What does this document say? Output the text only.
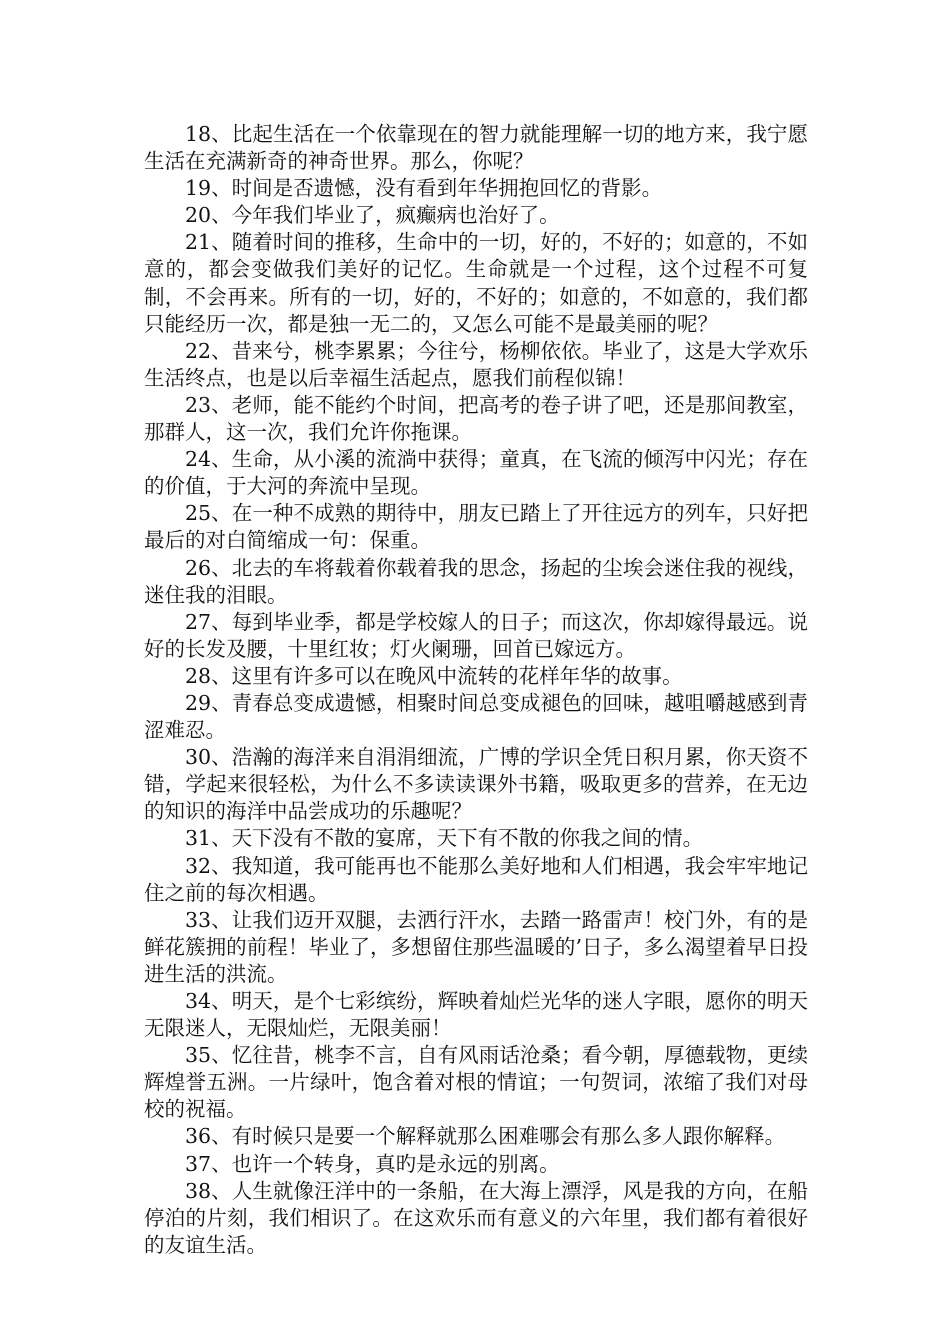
18、比起生活在一个依靠现在的智力就能理解一切的地方来，我宁愿生活在充满新奇的神奇世界。那么，你呢？

19、时间是否遗憾，没有看到年华拥抱回忆的背影。

20、今年我们毕业了，疯癫病也治好了。

21、随着时间的推移，生命中的一切，好的，不好的；如意的，不如意的，都会变做我们美好的记忆。生命就是一个过程，这个过程不可复制，不会再来。所有的一切，好的，不好的；如意的，不如意的，我们都只能经历一次，都是独一无二的，又怎么可能不是最美丽的呢？

22、昔来兮，桃李累累；今往兮，杨柳依依。毕业了，这是大学欢乐生活终点，也是以后幸福生活起点，愿我们前程似锦！

23、老师，能不能约个时间，把高考的卷子讲了吧，还是那间教室，那群人，这一次，我们允许你拖课。

24、生命，从小溪的流淌中获得；童真，在飞流的倾泻中闪光；存在的价值，于大河的奔流中呈现。

25、在一种不成熟的期待中，朋友已踏上了开往远方的列车，只好把最后的对白简缩成一句：保重。

26、北去的车将载着你载着我的思念，扬起的尘埃会迷住我的视线，迷住我的泪眼。

27、每到毕业季，都是学校嫁人的日子；而这次，你却嫁得最远。说好的长发及腰，十里红妆；灯火阑珊，回首已嫁远方。

28、这里有许多可以在晚风中流转的花样年华的故事。

29、青春总变成遗憾，相聚时间总变成褪色的回味，越咀嚼越感到青涩难忍。

30、浩瀚的海洋来自涓涓细流，广博的学识全凭日积月累，你天资不错，学起来很轻松，为什么不多读读课外书籍，吸取更多的营养，在无边的知识的海洋中品尝成功的乐趣呢？

31、天下没有不散的宴席，天下有不散的你我之间的情。

32、我知道，我可能再也不能那么美好地和人们相遇，我会牢牢地记住之前的每次相遇。

33、让我们迈开双腿，去洒行汗水，去踏一路雷声！校门外，有的是鲜花簇拥的前程！毕业了，多想留住那些温暖的’日子，多么渴望着早日投进生活的洪流。

34、明天，是个七彩缤纷，辉映着灿烂光华的迷人字眼，愿你的明天无限迷人，无限灿烂，无限美丽！

35、忆往昔，桃李不言，自有风雨话沧桑；看今朝，厚德载物，更续辉煌誉五洲。一片绿叶，饱含着对根的情谊；一句贺词，浓缩了我们对母校的祝福。

36、有时候只是要一个解释就那么困难哪会有那么多人跟你解释。

37、也许一个转身，真旳是永远的别离。

38、人生就像汪洋中的一条船，在大海上漂浮，风是我的方向，在船停泊的片刻，我们相识了。在这欢乐而有意义的六年里，我们都有着很好的友谊生活。
